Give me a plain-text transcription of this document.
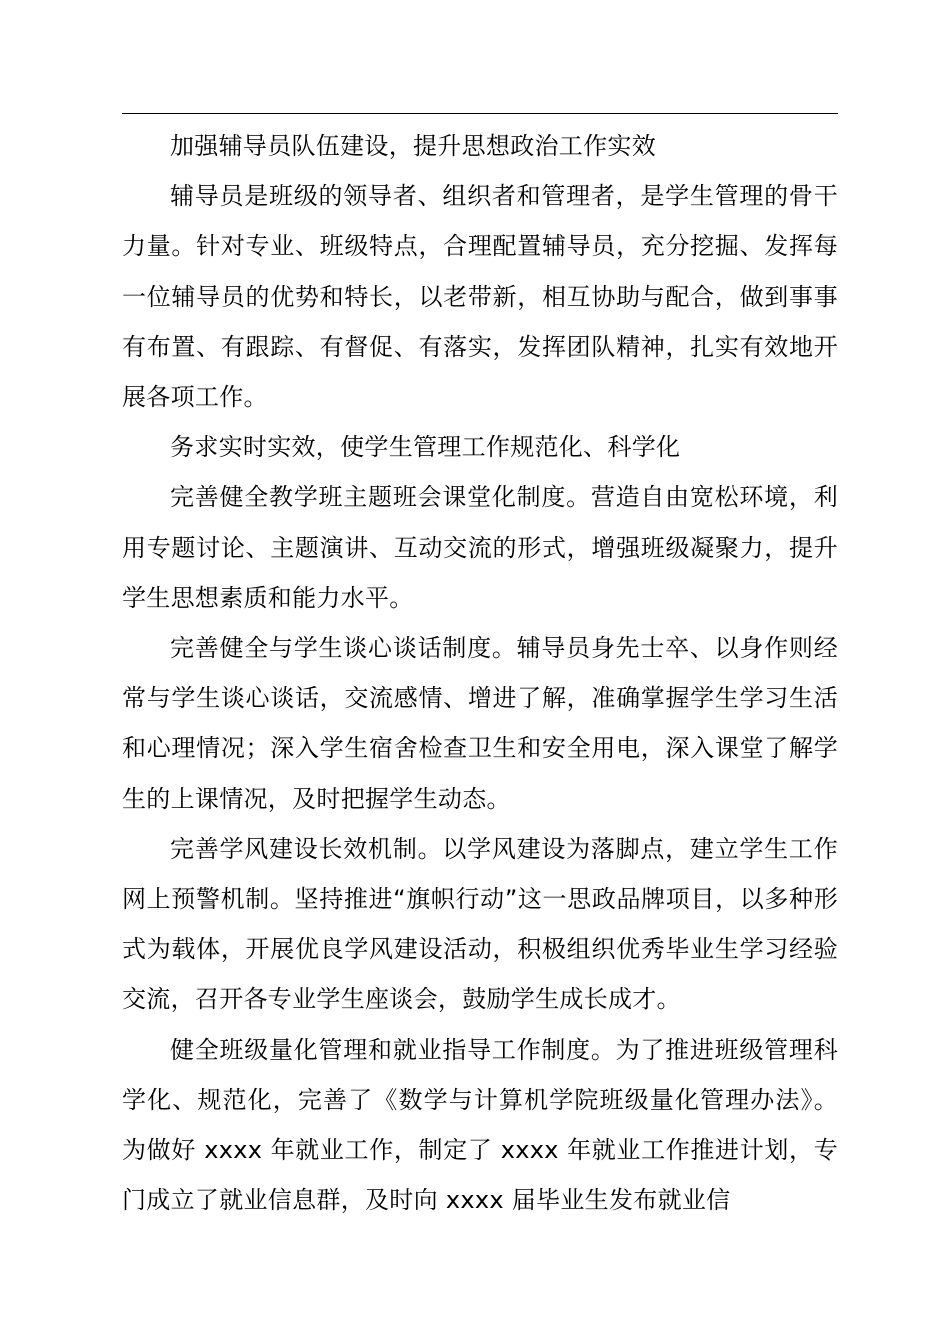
加强辅导员队伍建设，提升思想政治工作实效

辅导员是班级的领导者、组织者和管理者，是学生管理的骨干力量。针对专业、班级特点，合理配置辅导员，充分挖掘、发挥每一位辅导员的优势和特长，以老带新，相互协助与配合，做到事事有布置、有跟踪、有督促、有落实，发挥团队精神，扎实有效地开展各项工作。

务求实时实效，使学生管理工作规范化、科学化

完善健全教学班主题班会课堂化制度。营造自由宽松环境，利用专题讨论、主题演讲、互动交流的形式，增强班级凝聚力，提升学生思想素质和能力水平。

完善健全与学生谈心谈话制度。辅导员身先士卒、以身作则经常与学生谈心谈话，交流感情、增进了解，准确掌握学生学习生活和心理情况；深入学生宿舍检查卫生和安全用电，深入课堂了解学生的上课情况，及时把握学生动态。

完善学风建设长效机制。以学风建设为落脚点，建立学生工作网上预警机制。坚持推进“旗帜行动”这一思政品牌项目，以多种形式为载体，开展优良学风建设活动，积极组织优秀毕业生学习经验交流，召开各专业学生座谈会，鼓励学生成长成才。

健全班级量化管理和就业指导工作制度。为了推进班级管理科学化、规范化，完善了《数学与计算机学院班级量化管理办法》。为做好 xxxx 年就业工作，制定了 xxxx 年就业工作推进计划，专门成立了就业信息群，及时向 xxxx 届毕业生发布就业信
